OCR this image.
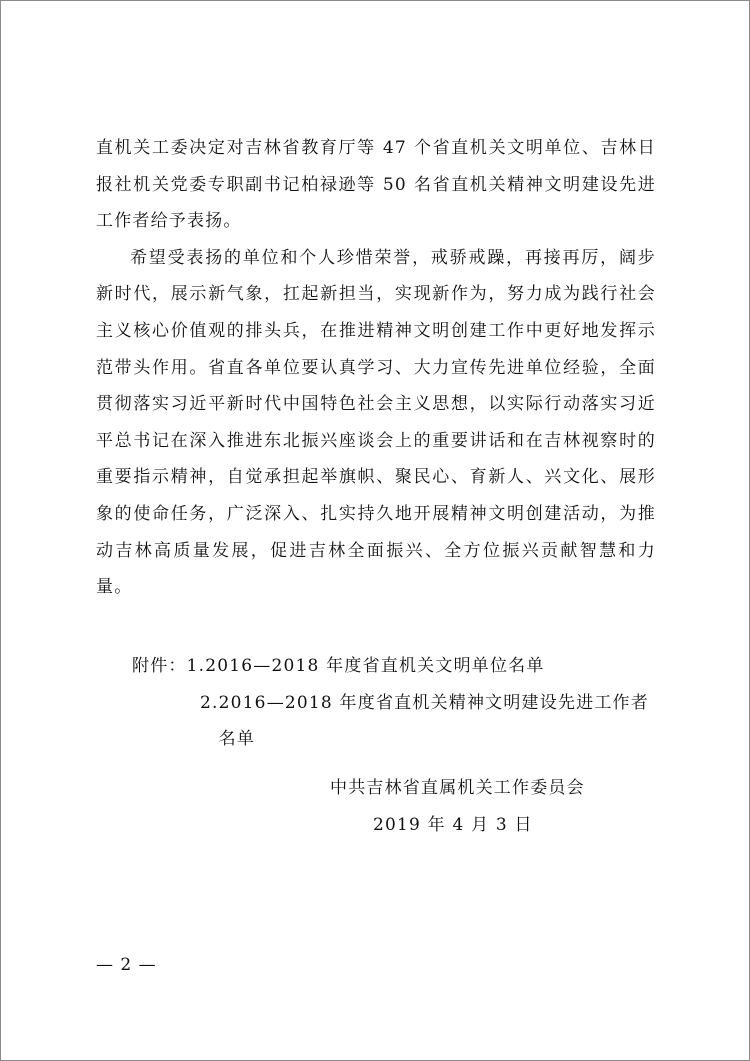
直机关工委决定对吉林省教育厅等 47 个省直机关文明单位、吉林日报社机关党委专职副书记柏禄逊等 50 名省直机关精神文明建设先进工作者给予表扬。

希望受表扬的单位和个人珍惜荣誉，戒骄戒躁，再接再厉，阔步新时代，展示新气象，扛起新担当，实现新作为，努力成为践行社会主义核心价值观的排头兵，在推进精神文明创建工作中更好地发挥示范带头作用。省直各单位要认真学习、大力宣传先进单位经验，全面贯彻落实习近平新时代中国特色社会主义思想，以实际行动落实习近平总书记在深入推进东北振兴座谈会上的重要讲话和在吉林视察时的重要指示精神，自觉承担起举旗帜、聚民心、育新人、兴文化、展形象的使命任务，广泛深入、扎实持久地开展精神文明创建活动，为推动吉林高质量发展，促进吉林全面振兴、全方位振兴贡献智慧和力量。

附件： 1. 2016—2018 年度省直机关文明单位名单
2. 2016—2018 年度省直机关精神文明建设先进工作者名单
中共吉林省直属机关工作委员会
2019 年 4 月 3 日
— 2 —
